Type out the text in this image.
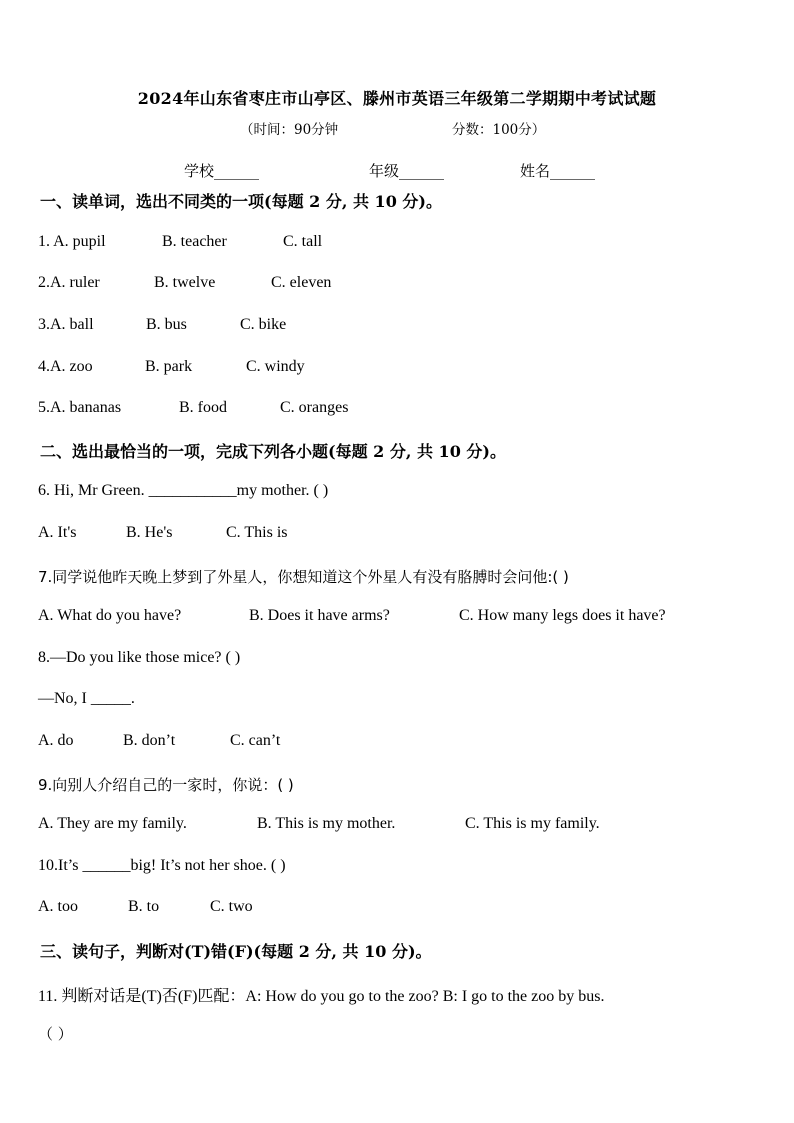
2024年山东省枣庄市山亭区、滕州市英语三年级第二学期期中考试试题
（时间：90分钟	分数：100分）
学校______	年级______	姓名______
一、读单词，选出不同类的一项(每题 2 分, 共 10 分)。
1. A. pupil	B. teacher	C. tall
2.A. ruler	B. twelve	C. eleven
3.A. ball	B. bus	C. bike
4.A. zoo	B. park	C. windy
5.A. bananas	B. food	C. oranges
二、选出最恰当的一项，完成下列各小题(每题 2 分, 共 10 分)。
6. Hi, Mr Green. ___________my mother. ( )
A. It's	B. He's	C. This is
7.同学说他昨天晚上梦到了外星人，你想知道这个外星人有没有胳膊时会问他:( )
A. What do you have?	B. Does it have arms?	C. How many legs does it have?
8.—Do you like those mice? ( )
—No, I _____.
A. do	B. don’t	C. can’t
9.向别人介绍自己的一家时，你说：( )
A. They are my family.	B. This is my mother.	C. This is my family.
10.It’s ______big! It’s not her shoe. ( )
A. too	B. to	C. two
三、读句子，判断对(T)错(F)(每题 2 分, 共 10 分)。
11. 判断对话是(T)否(F)匹配：A: How do you go to the zoo? B: I go to the zoo by bus.
（ ）
